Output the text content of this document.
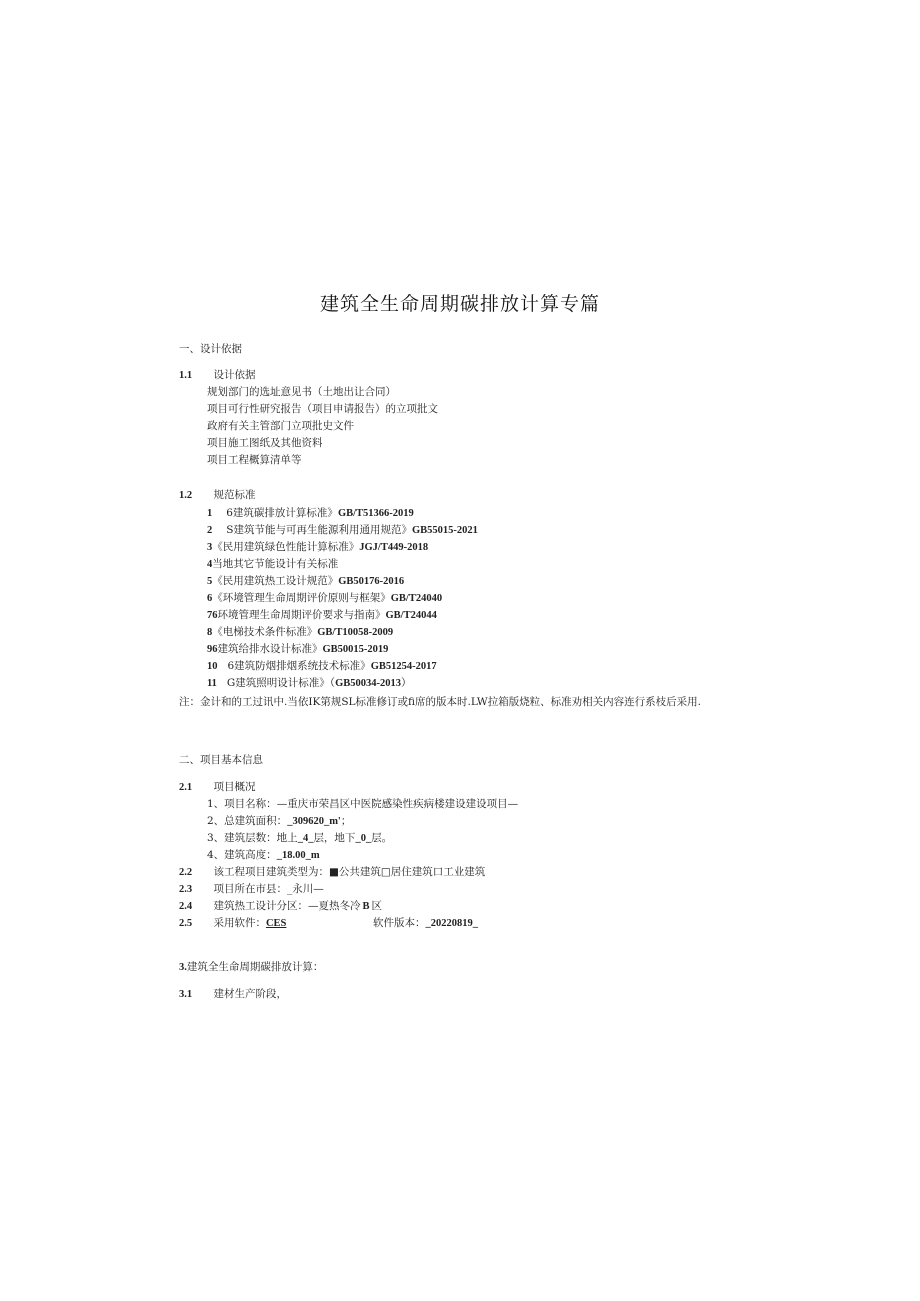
建筑全生命周期碳排放计算专篇
一、设计依据
1.1 设计依据
规划部门的选址意见书（土地出让合同）
项目可行性研究报告（项目申请报告）的立项批文
政府有关主管部门立项批史文件
项目施工图纸及其他资料
项目工程概算清单等
1.2 规范标准
1 6建筑碳排放计算标准》GB/T51366-2019
2 S建筑节能与可再生能源利用通用规范》GB55015-2021
3《民用建筑绿色性能计算标准》JGJ/T449-2018
4当地其它节能设计有关标准
5《民用建筑热工设计规范》GB50176-2016
6《环境管理生命周期评价原则与框架》GB/T24040
76环境管理生命周期评价要求与指南》GB/T24044
8《电梯技术条件标准》GB/T10058-2009
96建筑给排水设计标准》GB50015-2019
10 6建筑防烟排烟系统技术标准》GB51254-2017
11 G建筑照明设计标准》（GB50034-2013）
注：金计和的工过讯中.当依IK第规SL标准修订或fi席的版本时.LW拉箱版烧粒、标准劝相关内容连行系枝后采用.
二、项目基本信息
2.1 项目概况
1、项目名称：—重庆市荣昌区中医院感染性疾病楼建设建设项目—
2、总建筑面积：_309620_m'；
3、建筑层数：地上_4_层，地下_0_层。
4、建筑高度：_18.00_m
2.2 该工程项目建筑类型为：■公共建筑□居住建筑口工业建筑
2.3 项目所在市县：_永川—
2.4 建筑热工设计分区：—夏热冬冷 B 区
2.5 采用软件：CES	软件版本：_20220819_
3.建筑全生命周期碳排放计算：
3.1 建材生产阶段，
